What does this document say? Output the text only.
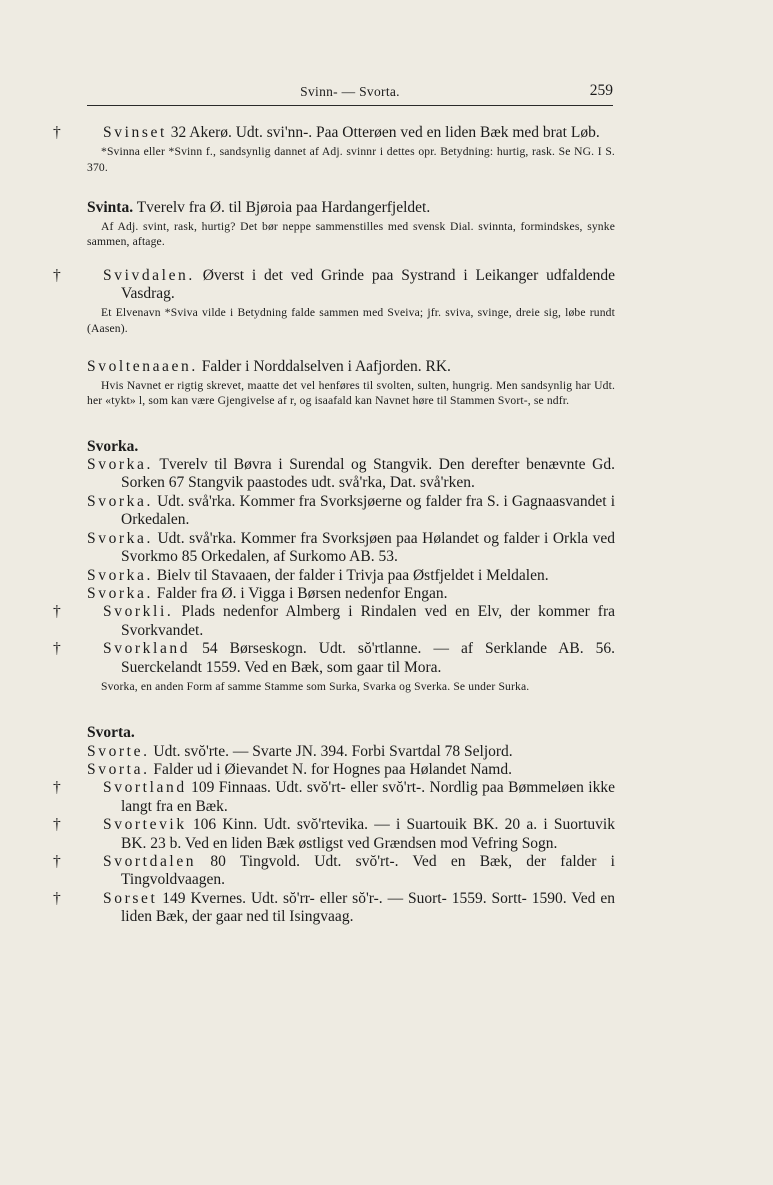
Svinn- — Svorta.	259

†	Svinset 32 Akerø. Udt. svi'nn-. Paa Otterøen ved en liden Bæk med brat Løb.

*Svinna eller *Svinn f., sandsynlig dannet af Adj. svinnr i dettes opr. Betydning: hurtig, rask. Se NG. I S. 370.

Svinta. Tverelv fra Ø. til Bjøroia paa Hardangerfjeldet.

Af Adj. svint, rask, hurtig? Det bør neppe sammenstilles med svensk Dial. svinnta, formindskes, synke sammen, aftage.

†	Svivdalen. Øverst i det ved Grinde paa Systrand i Leikanger udfaldende Vasdrag.

Et Elvenavn *Sviva vilde i Betydning falde sammen med Sveiva; jfr. sviva, svinge, dreie sig, løbe rundt (Aasen).

Svoltenaaen. Falder i Norddalselven i Aafjorden. RK.

Hvis Navnet er rigtig skrevet, maatte det vel henføres til svolten, sulten, hungrig. Men sandsynlig har Udt. her «tykt» l, som kan være Gjengivelse af r, og isaafald kan Navnet høre til Stammen Svort-, se ndfr.

Svorka.

Svorka. Tverelv til Bøvra i Surendal og Stangvik. Den derefter benævnte Gd. Sorken 67 Stangvik paastodes udt. svå'rka, Dat. svå'rken.

Svorka. Udt. svå'rka. Kommer fra Svorksjøerne og falder fra S. i Gagnaasvandet i Orkedalen.

Svorka. Udt. svå'rka. Kommer fra Svorksjøen paa Hølandet og falder i Orkla ved Svorkmo 85 Orkedalen, af Surkomo AB. 53.

Svorka. Bielv til Stavaaen, der falder i Trivja paa Østfjeldet i Meldalen.

Svorka. Falder fra Ø. i Vigga i Børsen nedenfor Engan.

†	Svorkli. Plads nedenfor Almberg i Rindalen ved en Elv, der kommer fra Svorkvandet.

†	Svorkland 54 Børseskogn. Udt. sŏ'rtlanne. — af Serklande AB. 56. Suerckelandt 1559. Ved en Bæk, som gaar til Mora.

Svorka, en anden Form af samme Stamme som Surka, Svarka og Sverka. Se under Surka.

Svorta.

Svorte. Udt. svŏ'rte. — Svarte JN. 394. Forbi Svartdal 78 Seljord.

Svorta. Falder ud i Øievandet N. for Hognes paa Hølandet Namd.

†	Svortland 109 Finnaas. Udt. svŏ'rt- eller svŏ'rt-. Nordlig paa Bømmeløen ikke langt fra en Bæk.

†	Svortevik 106 Kinn. Udt. svŏ'rtevika. — i Suartouik BK. 20 a. i Suortuvik BK. 23 b. Ved en liden Bæk østligst ved Grændsen mod Vefring Sogn.

†	Svortdalen 80 Tingvold. Udt. svŏ'rt-. Ved en Bæk, der falder i Tingvoldvaagen.

†	Sorset 149 Kvernes. Udt. sŏ'rr- eller sŏ'r-. — Suort- 1559. Sortt- 1590. Ved en liden Bæk, der gaar ned til Isingvaag.
